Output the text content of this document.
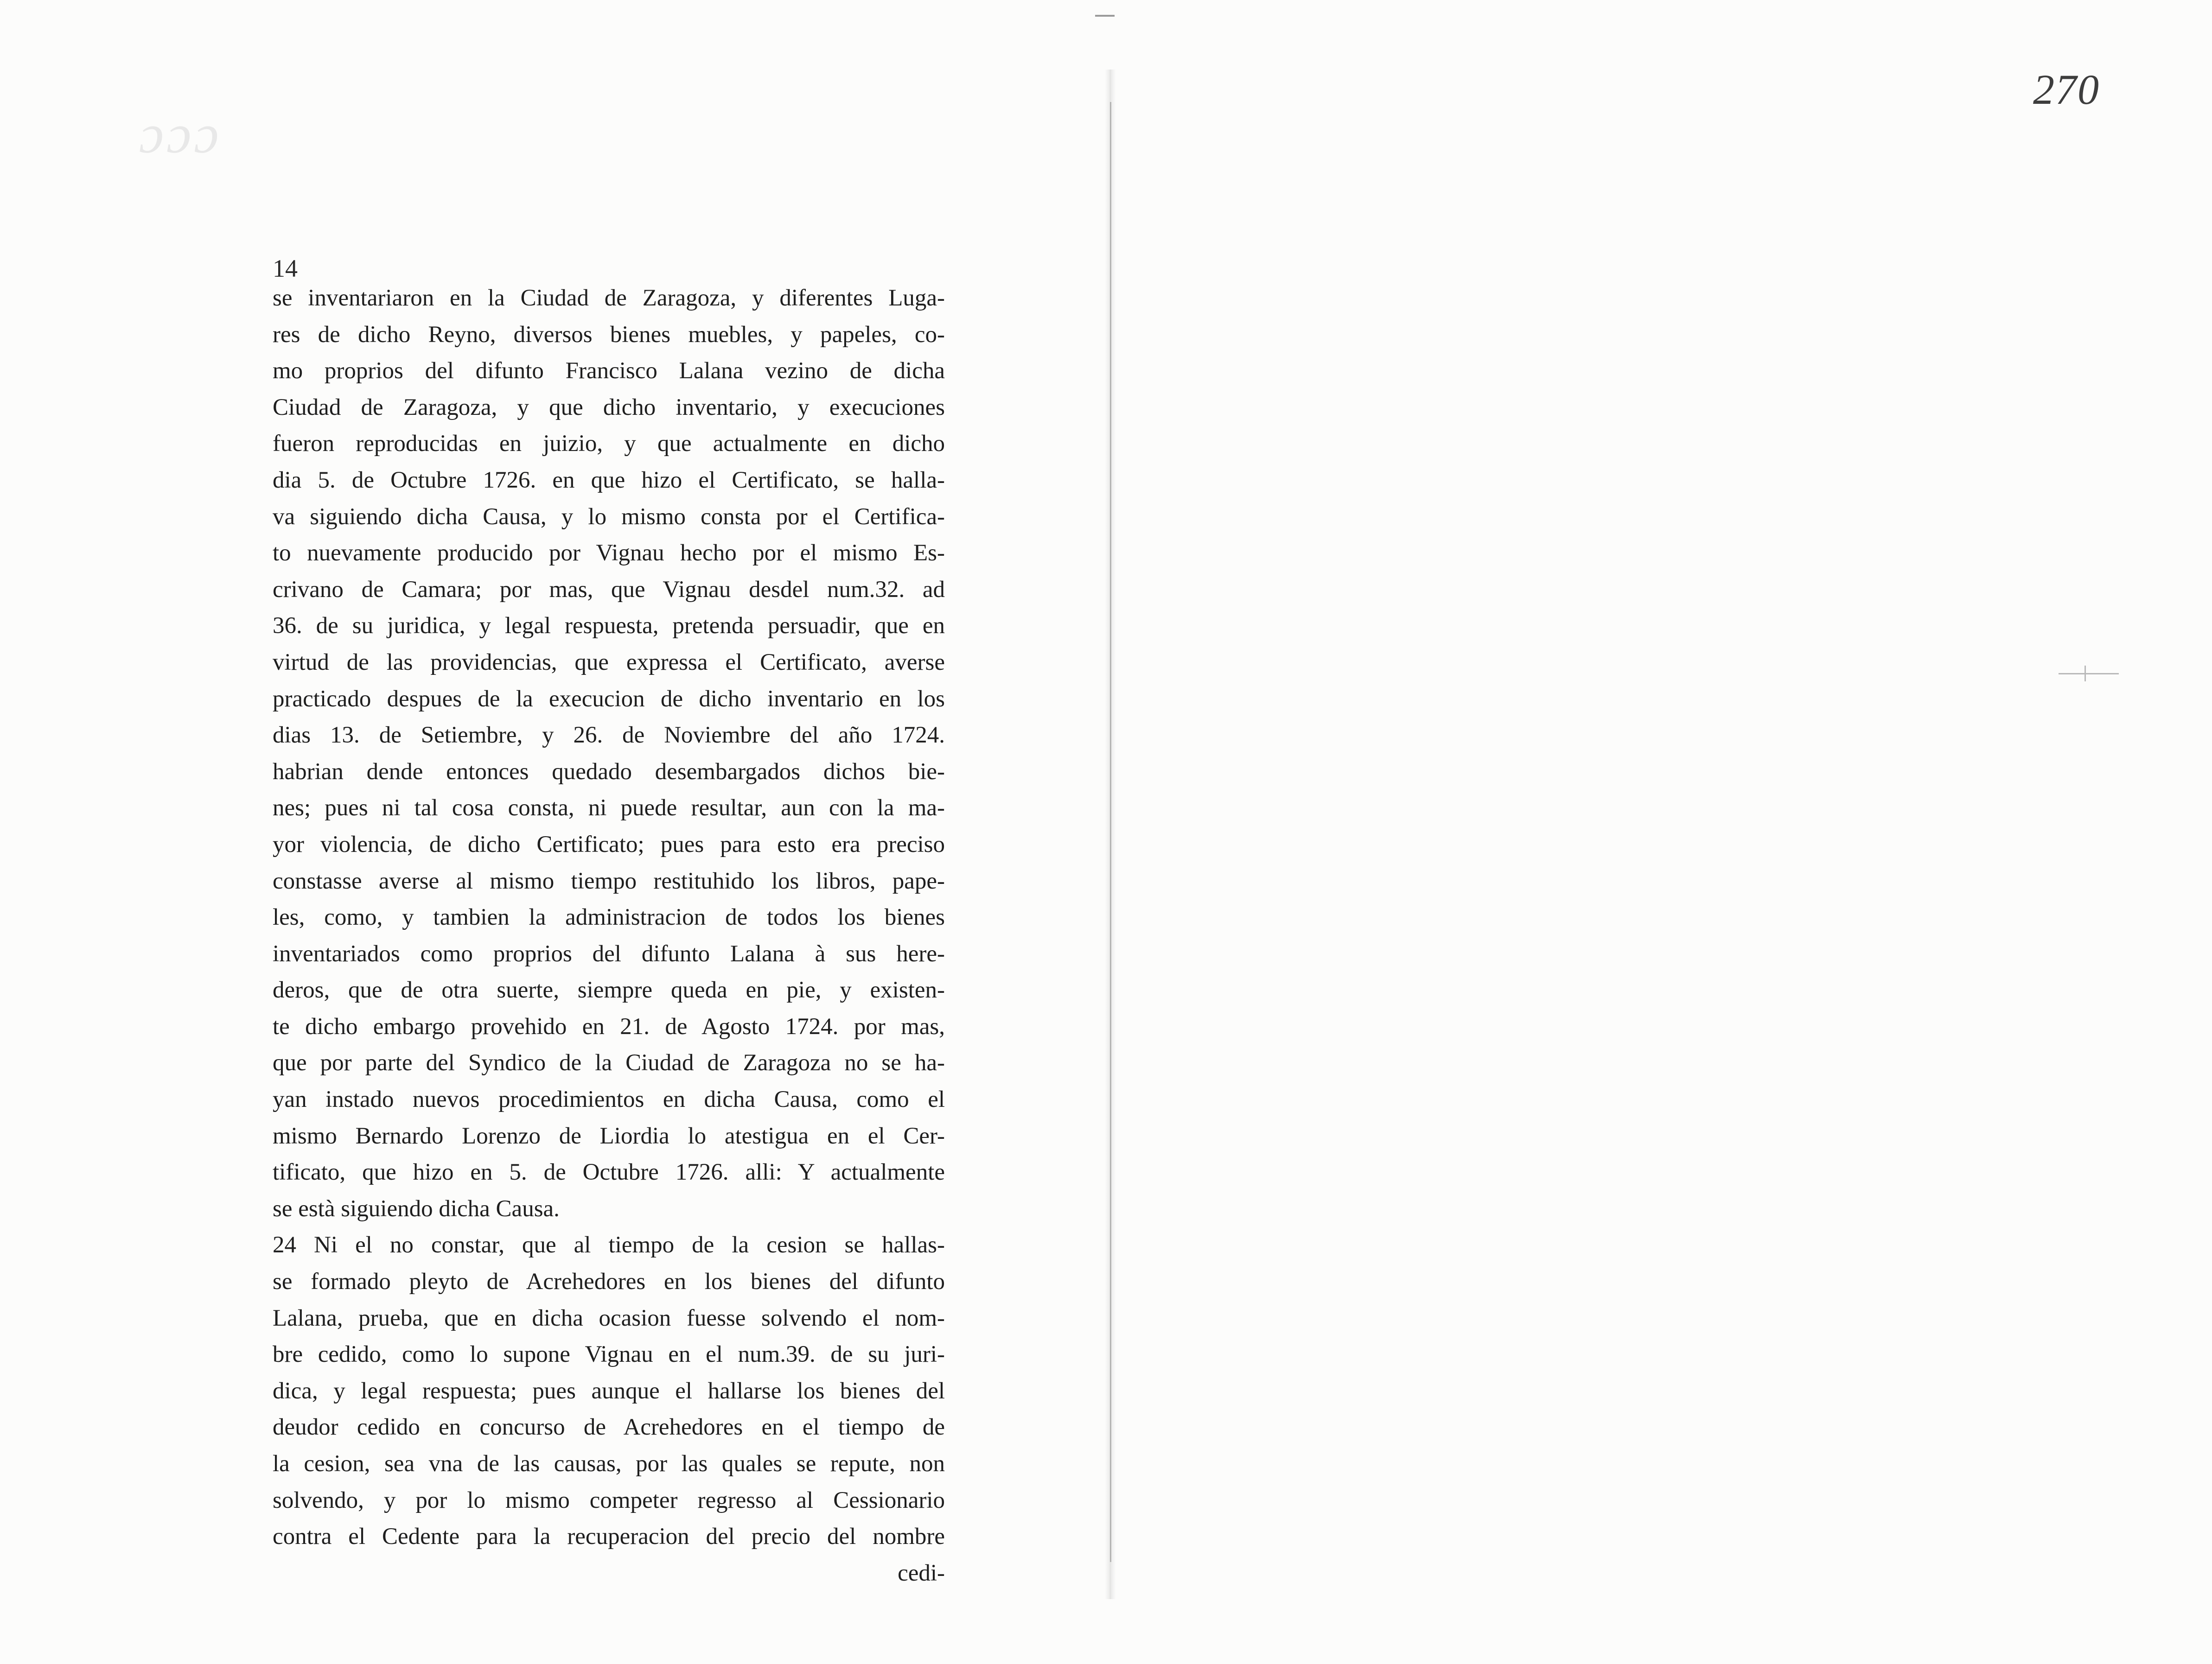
ɔɔɔ
14
se inventariaron en la Ciudad de Zaragoza, y diferentes Luga-
res de dicho Reyno, diversos bienes muebles, y papeles, co-
mo proprios del difunto Francisco Lalana vezino de dicha
Ciudad de Zaragoza, y que dicho inventario, y execuciones
fueron reproducidas en juizio, y que actualmente en dicho
dia 5. de Octubre 1726. en que hizo el Certificato, se halla-
va siguiendo dicha Causa, y lo mismo consta por el Certifica-
to nuevamente producido por Vignau hecho por el mismo Es-
crivano de Camara; por mas, que Vignau desdel num.32. ad
36. de su juridica, y legal respuesta, pretenda persuadir, que en
virtud de las providencias, que expressa el Certificato, averse
practicado despues de la execucion de dicho inventario en los
dias 13. de Setiembre, y 26. de Noviembre del año 1724.
habrian dende entonces quedado desembargados dichos bie-
nes; pues ni tal cosa consta, ni puede resultar, aun con la ma-
yor violencia, de dicho Certificato; pues para esto era preciso
constasse averse al mismo tiempo restituhido los libros, pape-
les, como, y tambien la administracion de todos los bienes
inventariados como proprios del difunto Lalana à sus here-
deros, que de otra suerte, siempre queda en pie, y existen-
te dicho embargo provehido en 21. de Agosto 1724. por mas,
que por parte del Syndico de la Ciudad de Zaragoza no se ha-
yan instado nuevos procedimientos en dicha Causa, como el
mismo Bernardo Lorenzo de Liordia lo atestigua en el Cer-
tificato, que hizo en 5. de Octubre 1726. alli: Y actualmente
se està siguiendo dicha Causa.
24 Ni el no constar, que al tiempo de la cesion se hallas-
se formado pleyto de Acrehedores en los bienes del difunto
Lalana, prueba, que en dicha ocasion fuesse solvendo el nom-
bre cedido, como lo supone Vignau en el num.39. de su juri-
dica, y legal respuesta; pues aunque el hallarse los bienes del
deudor cedido en concurso de Acrehedores en el tiempo de
la cesion, sea vna de las causas, por las quales se repute, non
solvendo, y por lo mismo competer regresso al Cessionario
contra el Cedente para la recuperacion del precio del nombre
cedi-
270
